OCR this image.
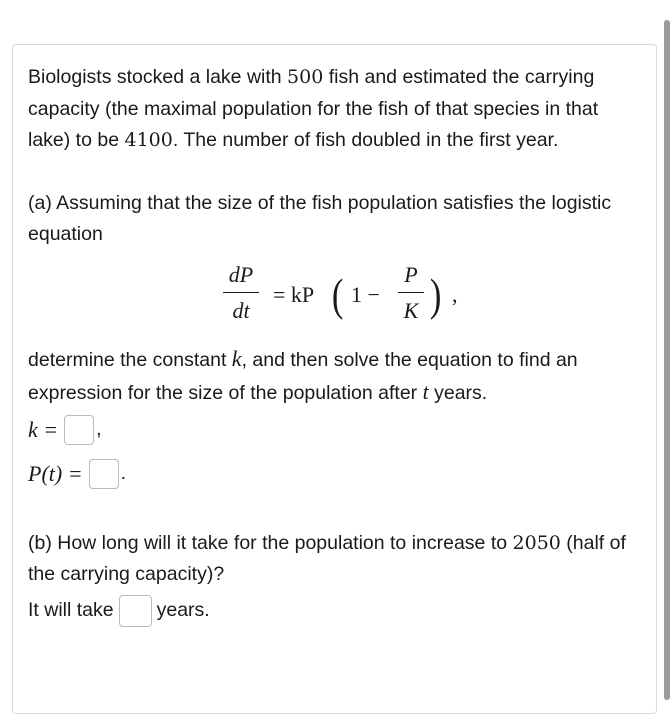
Biologists stocked a lake with 500 fish and estimated the carrying capacity (the maximal population for the fish of that species in that lake) to be 4100. The number of fish doubled in the first year.

(a) Assuming that the size of the fish population satisfies the logistic equation

dP
dt
= kP ( 1 −
P
K ) ,

determine the constant k, and then solve the equation to find an expression for the size of the population after t years.

k = ,
P(t) = .

(b) How long will it take for the population to increase to 2050 (half of the carrying capacity)?

It will take years.
